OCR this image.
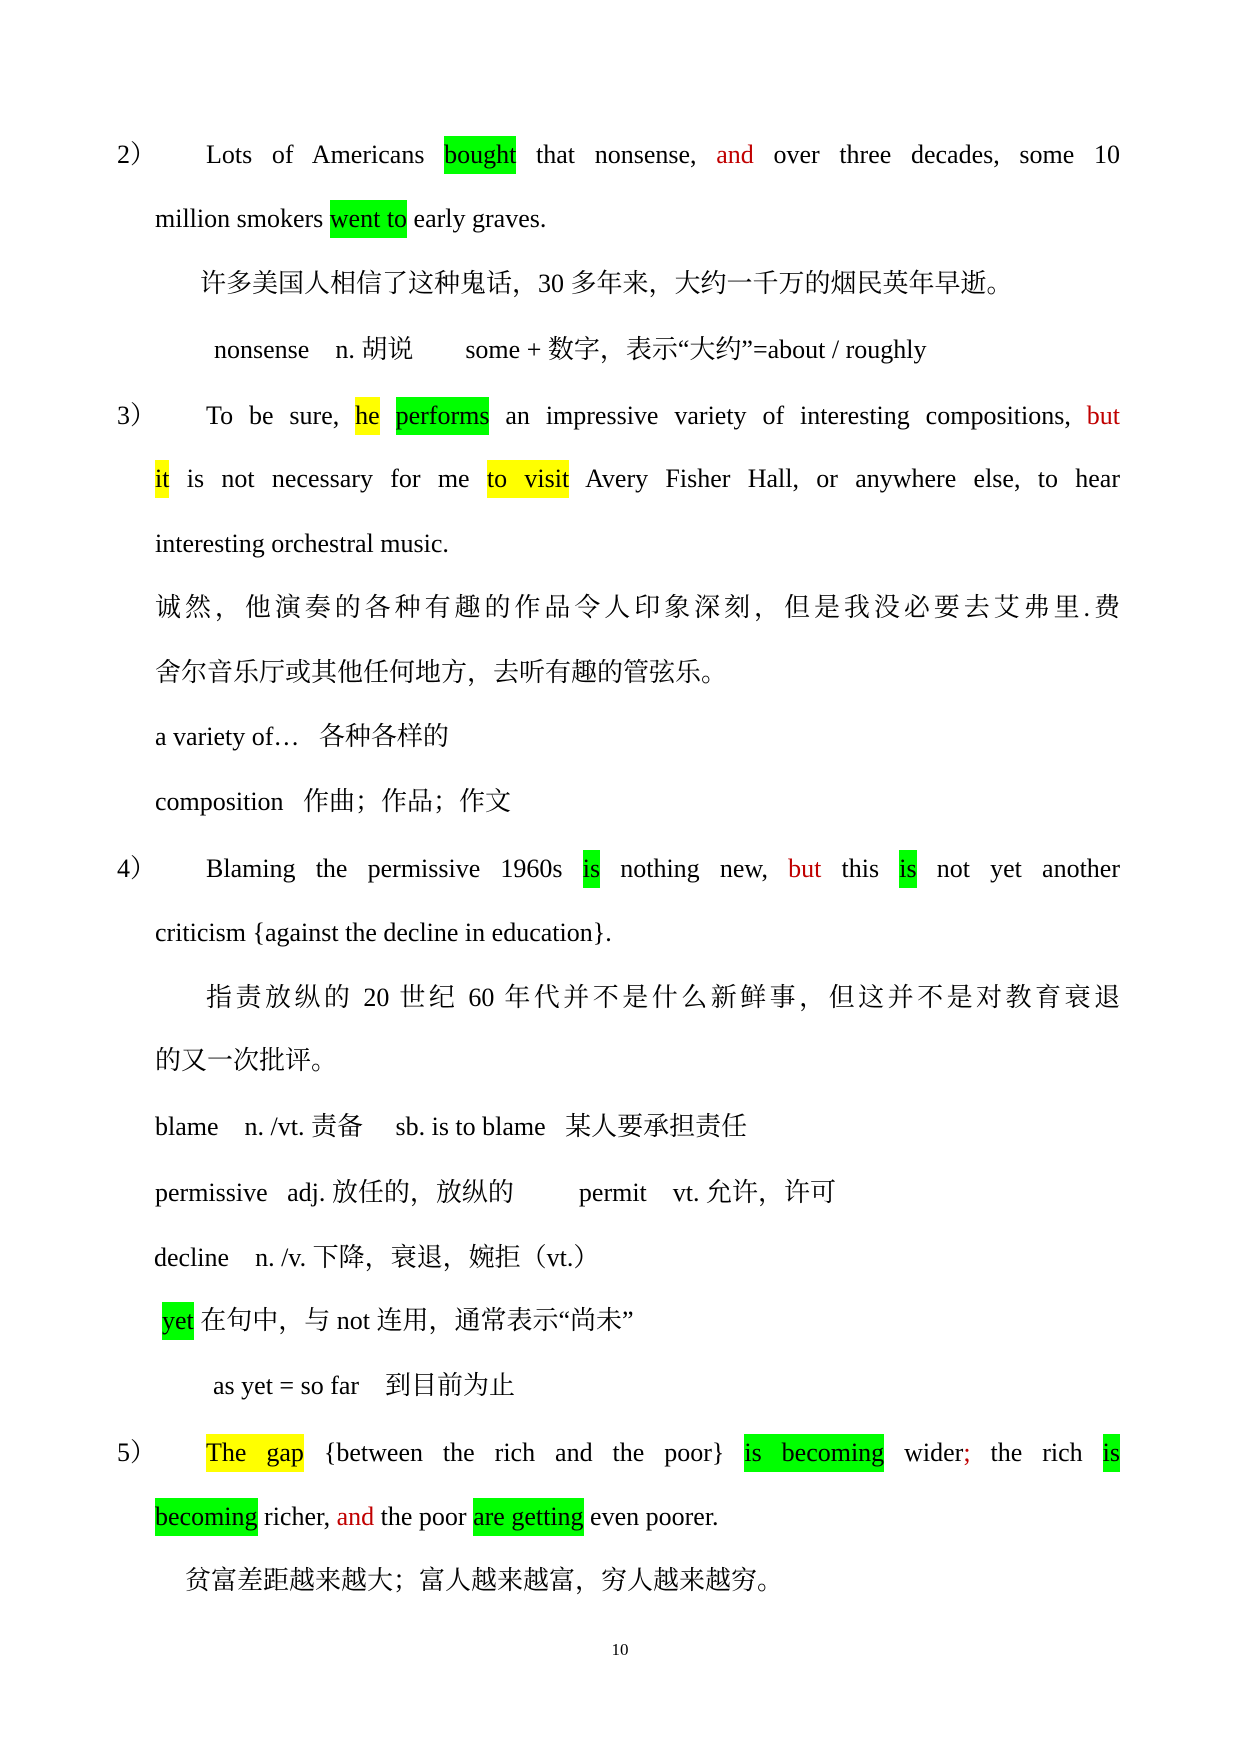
2）
3）
4）
5）
10
Lots of Americans bought that nonsense, and over three decades, some 10
million smokers went to early graves.
许多美国人相信了这种鬼话，30 多年来，大约一千万的烟民英年早逝。
nonsense    n. 胡说        some + 数字，表示“大约”=about / roughly
To be sure, he performs an impressive variety of interesting compositions, but
it is not necessary for me to visit Avery Fisher Hall, or anywhere else, to hear
interesting orchestral music.
诚然，他演奏的各种有趣的作品令人印象深刻，但是我没必要去艾弗里.费
舍尔音乐厅或其他任何地方，去听有趣的管弦乐。
a variety of…   各种各样的
composition   作曲；作品；作文
Blaming the permissive 1960s is nothing new, but this is not yet another
criticism {against the decline in education}.
指责放纵的 20 世纪 60 年代并不是什么新鲜事，但这并不是对教育衰退
的又一次批评。
blame    n. /vt. 责备     sb. is to blame   某人要承担责任
permissive   adj. 放任的，放纵的          permit    vt. 允许，许可
decline    n. /v. 下降，衰退，婉拒（vt.）
yet 在句中，与 not 连用，通常表示“尚未”
as yet = so far    到目前为止
The gap {between the rich and the poor} is becoming wider; the rich is
becoming richer, and the poor are getting even poorer.
贫富差距越来越大；富人越来越富，穷人越来越穷。
